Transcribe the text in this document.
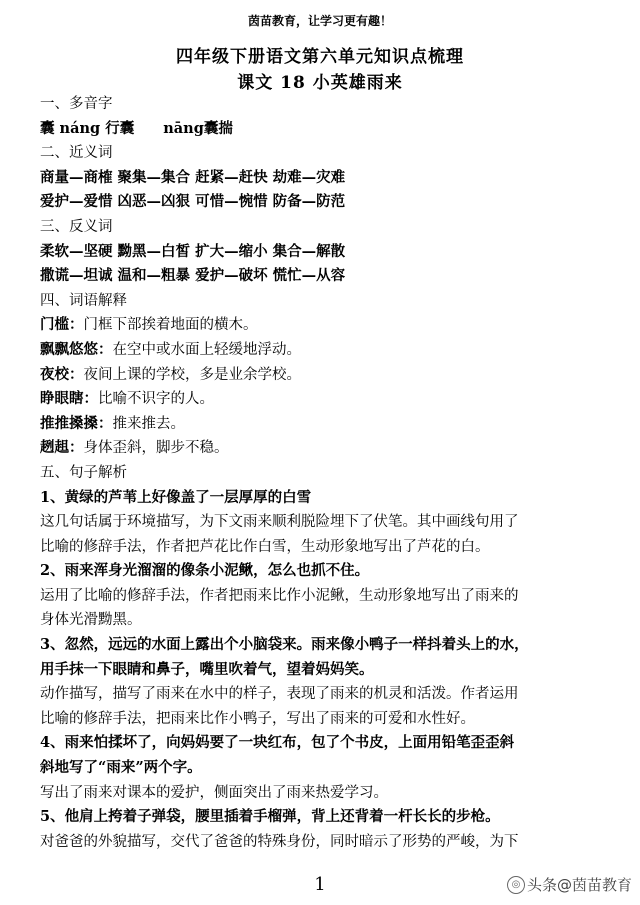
茵苗教育，让学习更有趣！
四年级下册语文第六单元知识点梳理
课文 18 小英雄雨来
一、多音字
囊 náng 行囊　　nāng囊揣
二、近义词
商量—商榷 聚集—集合 赶紧—赶快 劫难—灾难
爱护—爱惜 凶恶—凶狠 可惜—惋惜 防备—防范
三、反义词
柔软—坚硬 黝黑—白皙 扩大—缩小 集合—解散
撒谎—坦诚 温和—粗暴 爱护—破坏 慌忙—从容
四、词语解释
门槛：门框下部挨着地面的横木。
飘飘悠悠：在空中或水面上轻缓地浮动。
夜校：夜间上课的学校，多是业余学校。
睁眼瞎：比喻不识字的人。
推推搡搡：推来推去。
趔趄：身体歪斜，脚步不稳。
五、句子解析
1、黄绿的芦苇上好像盖了一层厚厚的白雪
这几句话属于环境描写，为下文雨来顺利脱险埋下了伏笔。其中画线句用了
比喻的修辞手法，作者把芦花比作白雪，生动形象地写出了芦花的白。
2、雨来浑身光溜溜的像条小泥鳅，怎么也抓不住。
运用了比喻的修辞手法，作者把雨来比作小泥鳅，生动形象地写出了雨来的
身体光滑黝黑。
3、忽然，远远的水面上露出个小脑袋来。雨来像小鸭子一样抖着头上的水，
用手抹一下眼睛和鼻子，嘴里吹着气，望着妈妈笑。
动作描写，描写了雨来在水中的样子，表现了雨来的机灵和活泼。作者运用
比喻的修辞手法，把雨来比作小鸭子，写出了雨来的可爱和水性好。
4、雨来怕揉坏了，向妈妈要了一块红布，包了个书皮，上面用铅笔歪歪斜
斜地写了“雨来”两个字。
写出了雨来对课本的爱护，侧面突出了雨来热爱学习。
5、他肩上挎着子弹袋，腰里插着手榴弹，背上还背着一杆长长的步枪。
对爸爸的外貌描写，交代了爸爸的特殊身份，同时暗示了形势的严峻，为下
1	◎ 头条@茵苗教育
